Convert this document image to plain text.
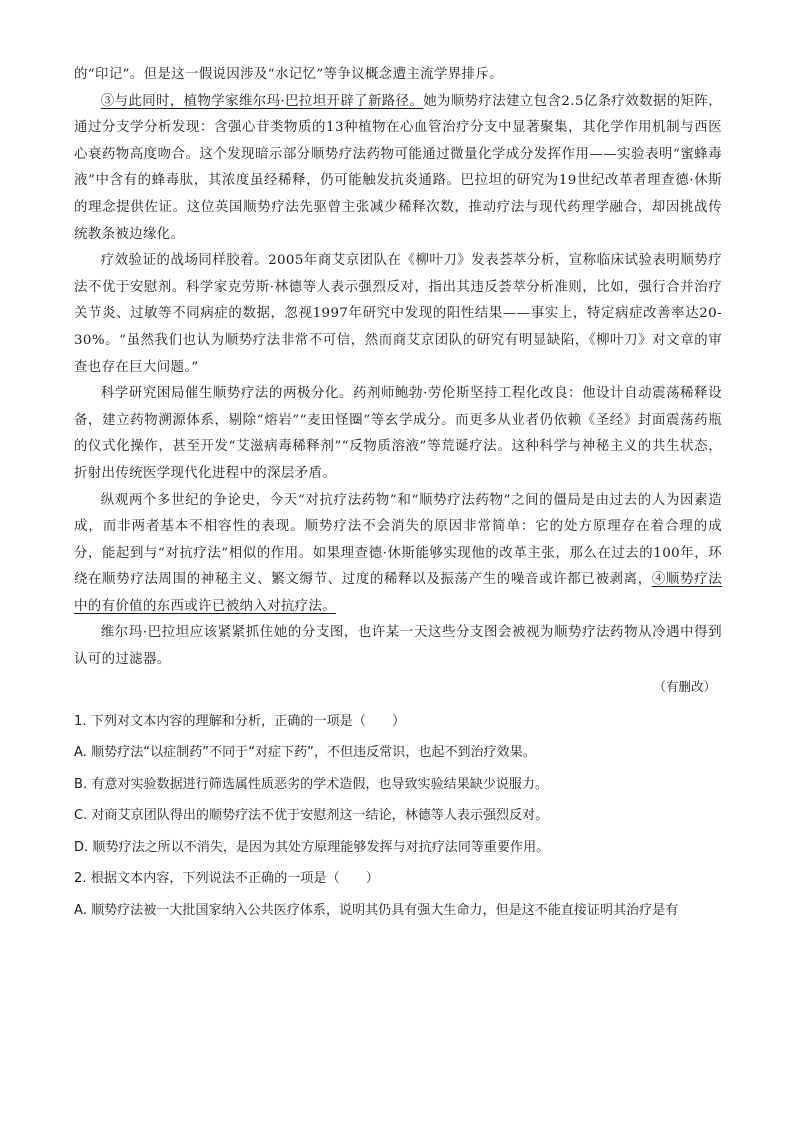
的“印记”。但是这一假说因涉及“水记忆”等争议概念遭主流学界排斥。

③与此同时，植物学家维尔玛·巴拉坦开辟了新路径。她为顺势疗法建立包含2.5亿条疗效数据的矩阵，通过分支学分析发现：含强心苷类物质的13种植物在心血管治疗分支中显著聚集，其化学作用机制与西医心衰药物高度吻合。这个发现暗示部分顺势疗法药物可能通过微量化学成分发挥作用——实验表明“蜜蜂毒液”中含有的蜂毒肽，其浓度虽经稀释，仍可能触发抗炎通路。巴拉坦的研究为19世纪改革者理查德·休斯的理念提供佐证。这位英国顺势疗法先驱曾主张减少稀释次数，推动疗法与现代药理学融合，却因挑战传统教条被边缘化。

疗效验证的战场同样胶着。2005年商艾京团队在《柳叶刀》发表荟萃分析，宣称临床试验表明顺势疗法不优于安慰剂。科学家克劳斯·林德等人表示强烈反对，指出其违反荟萃分析准则，比如，强行合并治疗关节炎、过敏等不同病症的数据，忽视1997年研究中发现的阳性结果——事实上，特定病症改善率达20-30%。“虽然我们也认为顺势疗法非常不可信，然而商艾京团队的研究有明显缺陷，《柳叶刀》对文章的审查也存在巨大问题。”

科学研究困局催生顺势疗法的两极分化。药剂师鲍勃·劳伦斯坚持工程化改良：他设计自动震荡稀释设备，建立药物溯源体系，剔除“熔岩”“麦田怪圈”等玄学成分。而更多从业者仍依赖《圣经》封面震荡药瓶的仪式化操作，甚至开发“艾滋病毒稀释剂”“反物质溶液”等荒诞疗法。这种科学与神秘主义的共生状态，折射出传统医学现代化进程中的深层矛盾。

纵观两个多世纪的争论史，今天“对抗疗法药物”和“顺势疗法药物”之间的僵局是由过去的人为因素造成，而非两者基本不相容性的表现。顺势疗法不会消失的原因非常简单：它的处方原理存在着合理的成分，能起到与“对抗疗法”相似的作用。如果理查德·休斯能够实现他的改革主张，那么在过去的100年，环绕在顺势疗法周围的神秘主义、繁文缛节、过度的稀释以及振荡产生的噪音或许都已被剥离，④顺势疗法中的有价值的东西或许已被纳入对抗疗法。

维尔玛·巴拉坦应该紧紧抓住她的分支图，也许某一天这些分支图会被视为顺势疗法药物从冷遇中得到认可的过滤器。

（有删改）

1. 下列对文本内容的理解和分析，正确的一项是（　　）

A. 顺势疗法“以症制药”不同于“对症下药”，不但违反常识，也起不到治疗效果。

B. 有意对实验数据进行筛选属性质恶劣的学术造假，也导致实验结果缺少说服力。

C. 对商艾京团队得出的顺势疗法不优于安慰剂这一结论，林德等人表示强烈反对。

D. 顺势疗法之所以不消失，是因为其处方原理能够发挥与对抗疗法同等重要作用。

2. 根据文本内容，下列说法不正确的一项是（　　）

A. 顺势疗法被一大批国家纳入公共医疗体系，说明其仍具有强大生命力，但是这不能直接证明其治疗是有
